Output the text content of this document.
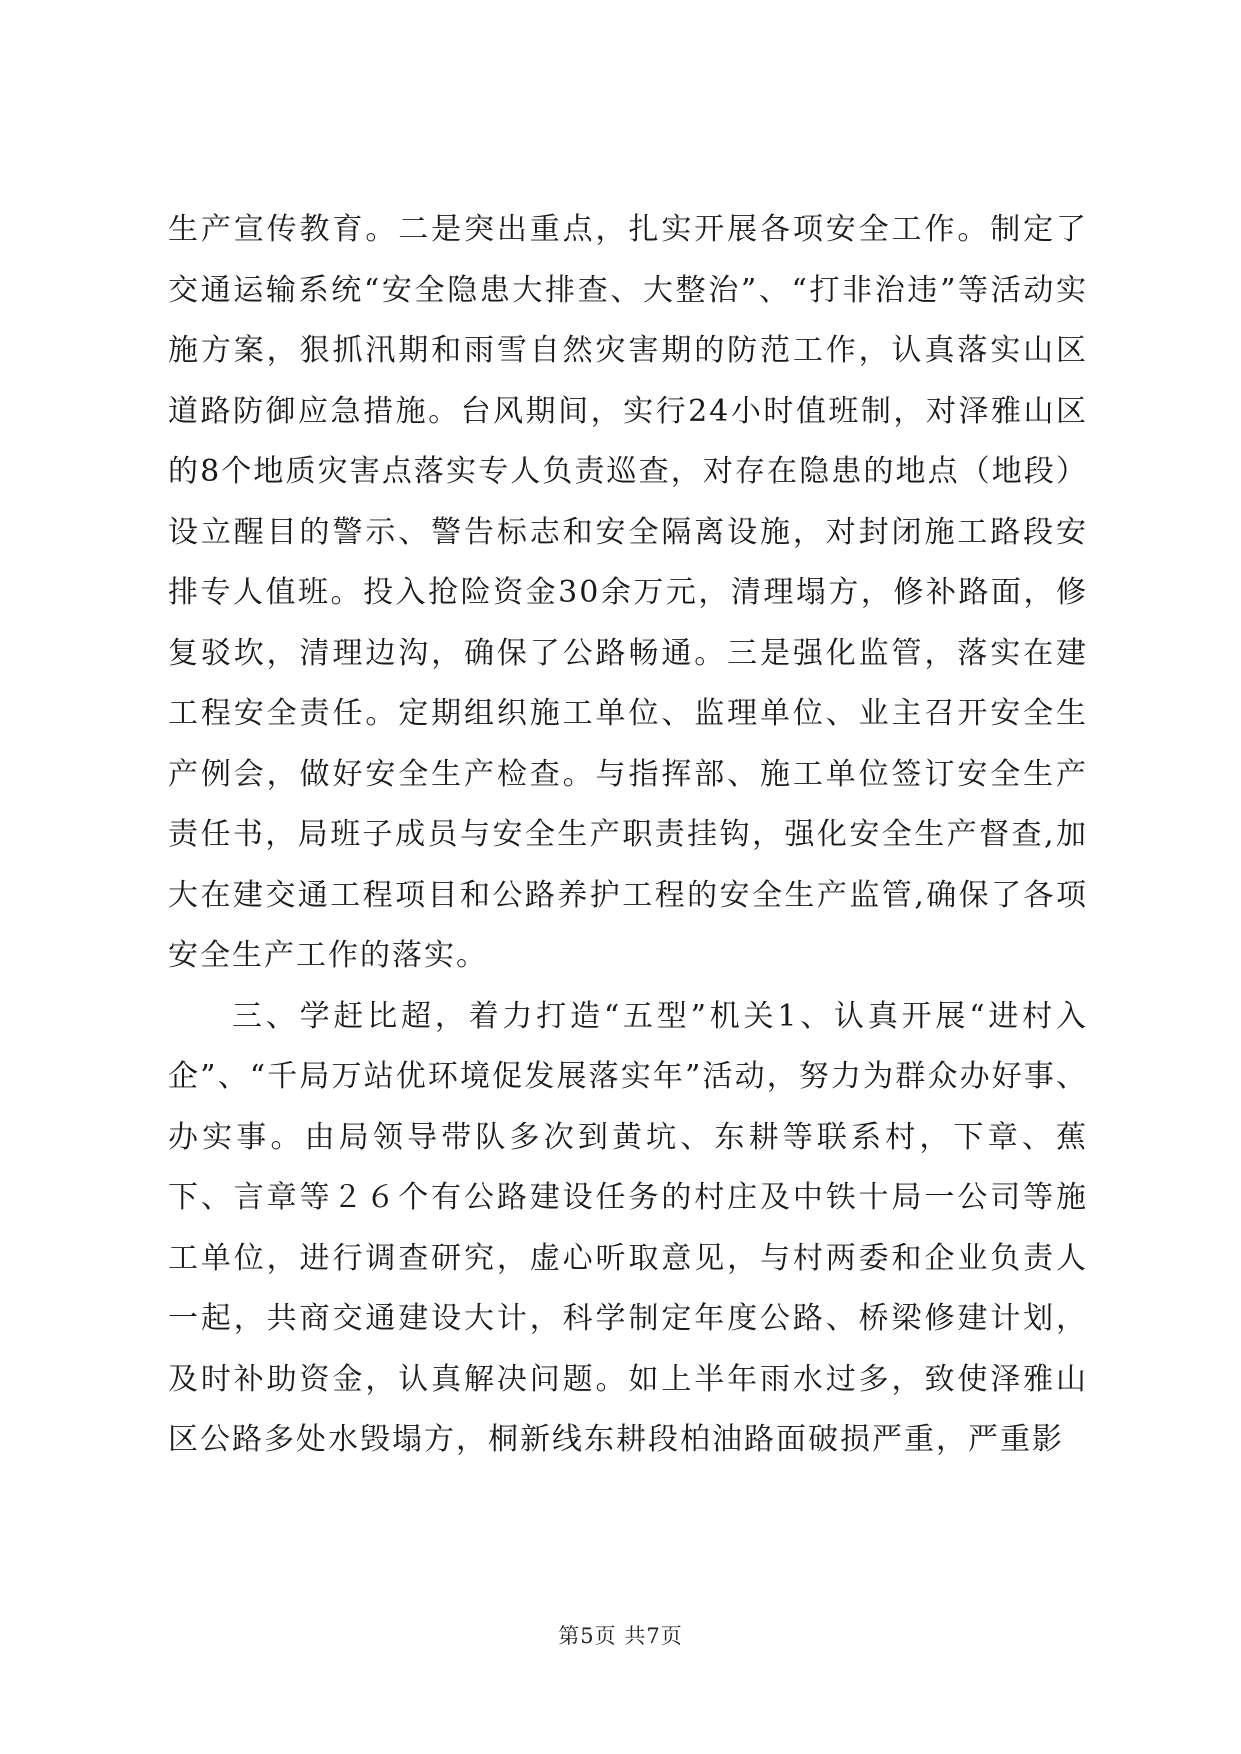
生产宣传教育。二是突出重点，扎实开展各项安全工作。制定了交通运输系统“安全隐患大排查、大整治”、“打非治违”等活动实施方案，狠抓汛期和雨雪自然灾害期的防范工作，认真落实山区道路防御应急措施。台风期间，实行24小时值班制，对泽雅山区的8个地质灾害点落实专人负责巡查，对存在隐患的地点（地段）设立醒目的警示、警告标志和安全隔离设施，对封闭施工路段安排专人值班。投入抢险资金30余万元，清理塌方，修补路面，修复驳坎，清理边沟，确保了公路畅通。三是强化监管，落实在建工程安全责任。定期组织施工单位、监理单位、业主召开安全生产例会，做好安全生产检查。与指挥部、施工单位签订安全生产责任书，局班子成员与安全生产职责挂钩，强化安全生产督查,加大在建交通工程项目和公路养护工程的安全生产监管,确保了各项安全生产工作的落实。

三、学赶比超，着力打造“五型”机关1、认真开展“进村入企”、“千局万站优环境促发展落实年”活动，努力为群众办好事、办实事。由局领导带队多次到黄坑、东耕等联系村，下章、蕉下、言章等２６个有公路建设任务的村庄及中铁十局一公司等施工单位，进行调查研究，虚心听取意见，与村两委和企业负责人一起，共商交通建设大计，科学制定年度公路、桥梁修建计划，及时补助资金，认真解决问题。如上半年雨水过多，致使泽雅山区公路多处水毁塌方，桐新线东耕段柏油路面破损严重，严重影

第5页 共7页
